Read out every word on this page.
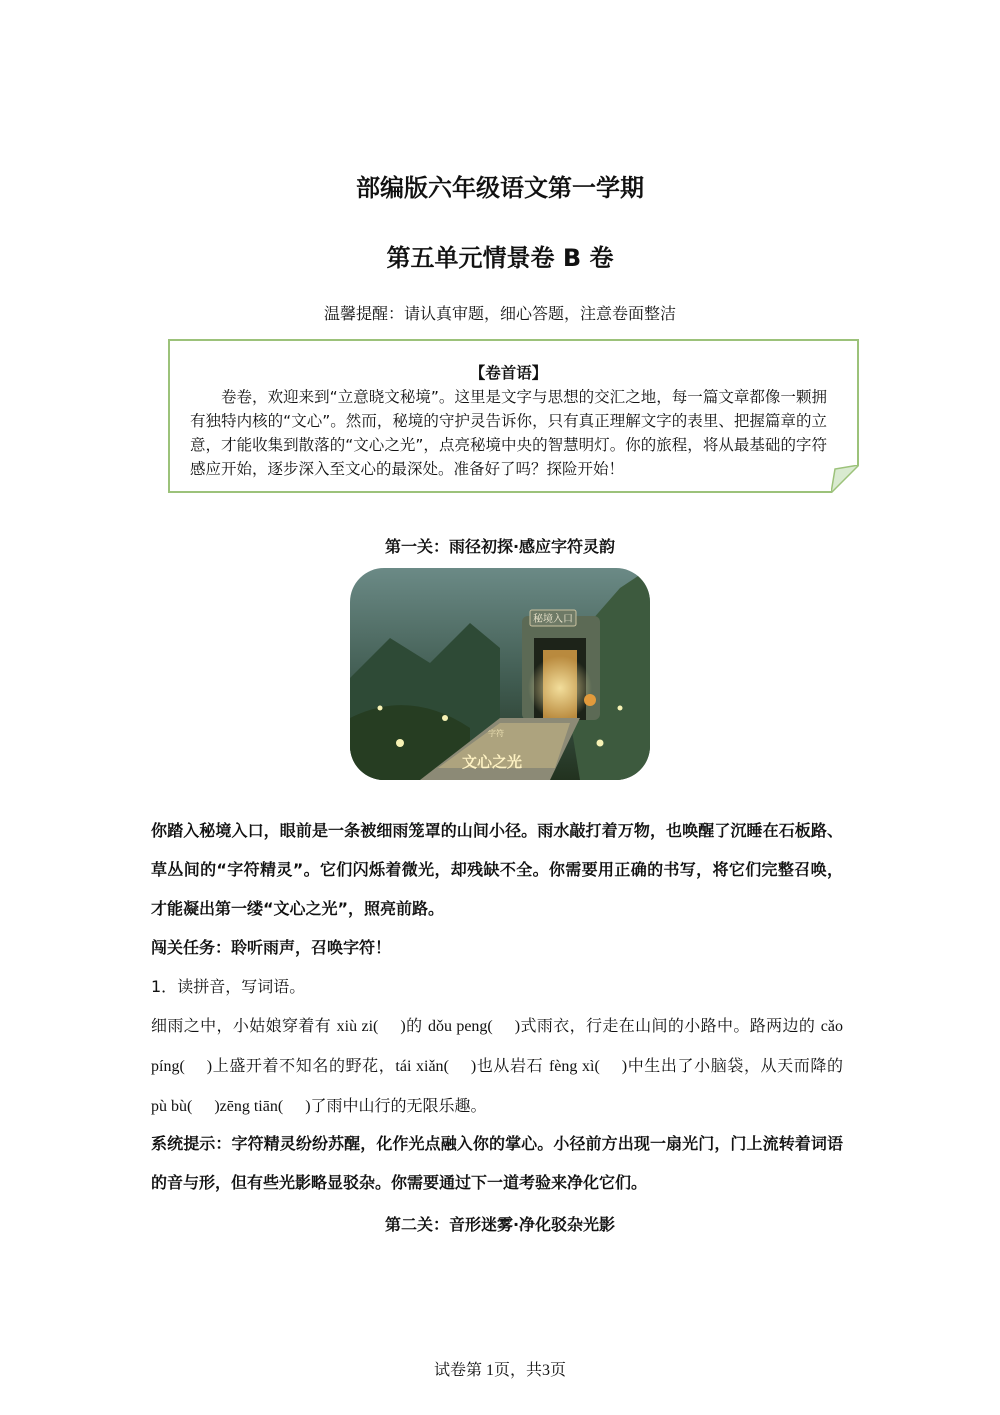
部编版六年级语文第一学期
第五单元情景卷 B 卷
温馨提醒：请认真审题，细心答题，注意卷面整洁
【卷首语】
卷卷，欢迎来到“立意晓文秘境”。这里是文字与思想的交汇之地，每一篇文章都像一颗拥有独特内核的“文心”。然而，秘境的守护灵告诉你，只有真正理解文字的表里、把握篇章的立意，才能收集到散落的“文心之光”，点亮秘境中央的智慧明灯。你的旅程，将从最基础的字符感应开始，逐步深入至文心的最深处。准备好了吗？探险开始！
第一关：雨径初探·感应字符灵韵
秘境入口
字符
文心之光
你踏入秘境入口，眼前是一条被细雨笼罩的山间小径。雨水敲打着万物，也唤醒了沉睡在石板路、草丛间的“字符精灵”。它们闪烁着微光，却残缺不全。你需要用正确的书写，将它们完整召唤，才能凝出第一缕“文心之光”，照亮前路。
闯关任务：聆听雨声，召唤字符！
1．读拼音，写词语。
细雨之中，小姑娘穿着有 xiù zi( )的 dǒu peng( )式雨衣，行走在山间的小路中。路两边的 cǎo píng( )上盛开着不知名的野花，tái xiǎn( )也从岩石 fèng xì( )中生出了小脑袋，从天而降的 pù bù( )zēng tiān( )了雨中山行的无限乐趣。
系统提示：字符精灵纷纷苏醒，化作光点融入你的掌心。小径前方出现一扇光门，门上流转着词语的音与形，但有些光影略显驳杂。你需要通过下一道考验来净化它们。
第二关：音形迷雾·净化驳杂光影
试卷第 1页，共3页
